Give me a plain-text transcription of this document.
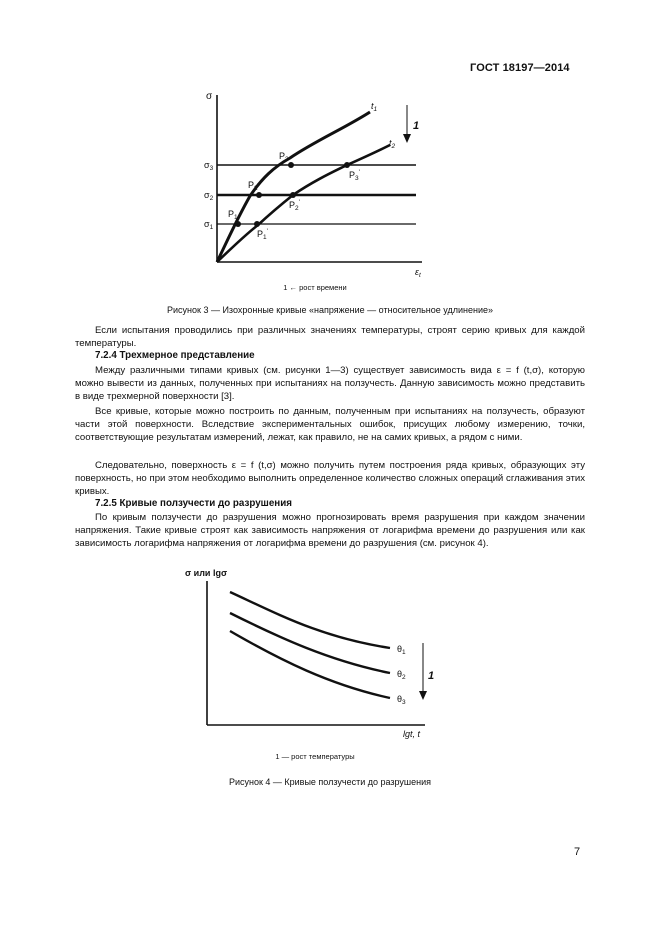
ГОСТ 18197—2014
σ
$\varepsilon_t$
$\sigma_3$
$\sigma_2$
$\sigma_1$
$t_1$
$t_2$
$P_1$
$P_2$
$P_3$
$P_1'$
$P_2'$
$P_3'$
1
1 ← рост времени
Рисунок 3 — Изохронные кривые «напряжение — относительное удлинение»

Если испытания проводились при различных значениях температуры, строят серию кривых для каждой температуры.

7.2.4 Трехмерное представление

Между различными типами кривых (см. рисунки 1—3) существует зависимость вида ε = f (t,σ), которую можно вывести из данных, полученных при испытаниях на ползучесть. Данную зависимость можно представить в виде трехмерной поверхности [3].

Все кривые, которые можно построить по данным, полученным при испытаниях на ползучесть, образуют части этой поверхности. Вследствие экспериментальных ошибок, присущих любому измерению, точки, соответствующие результатам измерений, лежат, как правило, не на самих кривых, а рядом с ними.

Следовательно, поверхность ε = f (t,σ) можно получить путем построения ряда кривых, образующих эту поверхность, но при этом необходимо выполнить определенное количество сложных операций сглаживания этих кривых.

7.2.5 Кривые ползучести до разрушения

По кривым ползучести до разрушения можно прогнозировать время разрушения при каждом значении напряжения. Такие кривые строят как зависимость напряжения от логарифма времени до разрушения или как зависимость логарифма напряжения от логарифма времени до разрушения (см. рисунок 4).

σ или lgσ
lgt, t
$\theta_1$
$\theta_2$
$\theta_3$
1
1 — рост температуры
Рисунок 4 — Кривые ползучести до разрушения
7
